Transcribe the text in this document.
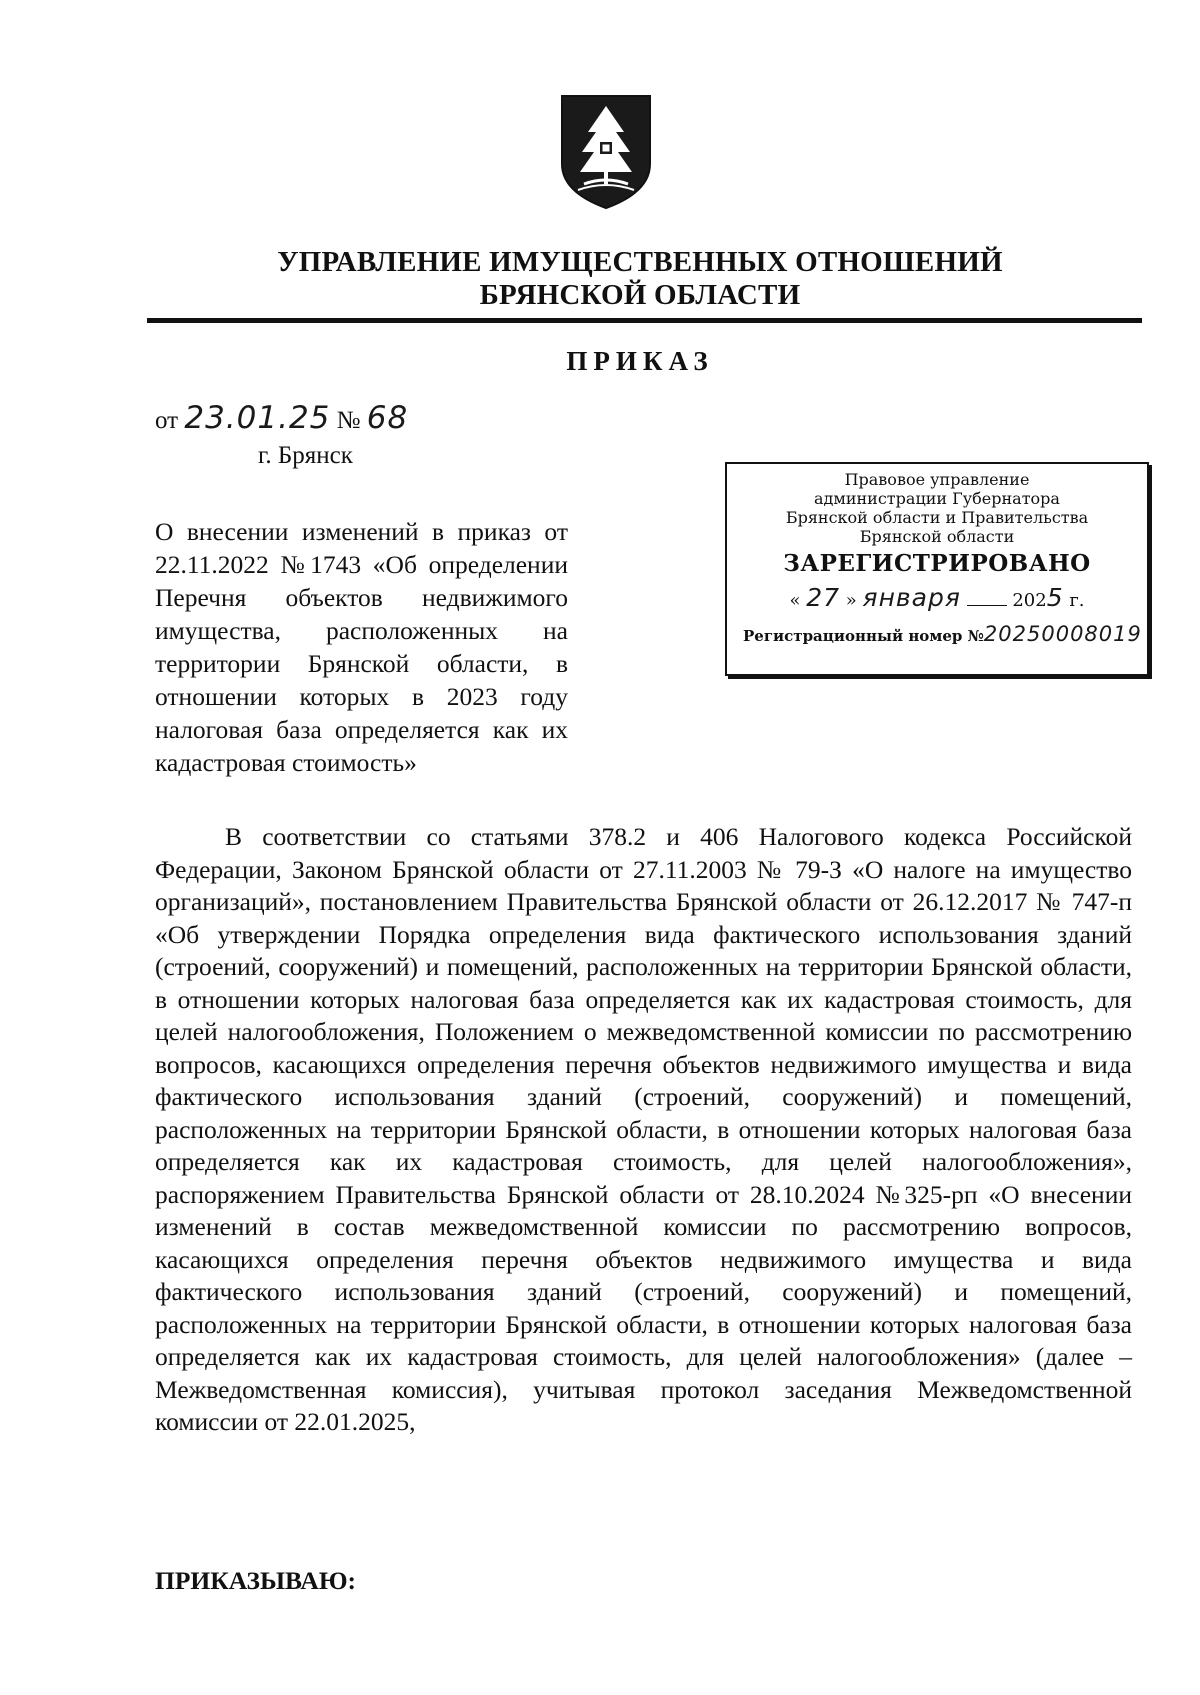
УПРАВЛЕНИЕ ИМУЩЕСТВЕННЫХ ОТНОШЕНИЙ
БРЯНСКОЙ ОБЛАСТИ
ПРИКАЗ
от 23.01.25 № 68
г. Брянск
Правовое управление
администрации Губернатора
Брянской области и Правительства
Брянской области
ЗАРЕГИСТРИРОВАНО
« 27 » января	2025 г.
Регистрационный номер №20250008019
О внесении изменений в приказ от 22.11.2022 №1743 «Об определении Перечня объектов недвижимого имущества, расположенных на территории Брянской области, в отношении которых в 2023 году налоговая база определяется как их кадастровая стоимость»

В соответствии со статьями 378.2 и 406 Налогового кодекса Российской Федерации, Законом Брянской области от 27.11.2003 № 79-З «О налоге на имущество организаций», постановлением Правительства Брянской области от 26.12.2017 № 747-п «Об утверждении Порядка определения вида фактического использования зданий (строений, сооружений) и помещений, расположенных на территории Брянской области, в отношении которых налоговая база определяется как их кадастровая стоимость, для целей налогообложения, Положением о межведомственной комиссии по рассмотрению вопросов, касающихся определения перечня объектов недвижимого имущества и вида фактического использования зданий (строений, сооружений) и помещений, расположенных на территории Брянской области, в отношении которых налоговая база определяется как их кадастровая стоимость, для целей налогообложения», распоряжением Правительства Брянской области от 28.10.2024 №325-рп «О внесении изменений в состав межведомственной комиссии по рассмотрению вопросов, касающихся определения перечня объектов недвижимого имущества и вида фактического использования зданий (строений, сооружений) и помещений, расположенных на территории Брянской области, в отношении которых налоговая база определяется как их кадастровая стоимость, для целей налогообложения» (далее – Межведомственная комиссия), учитывая протокол заседания Межведомственной комиссии от 22.01.2025,

ПРИКАЗЫВАЮ:
